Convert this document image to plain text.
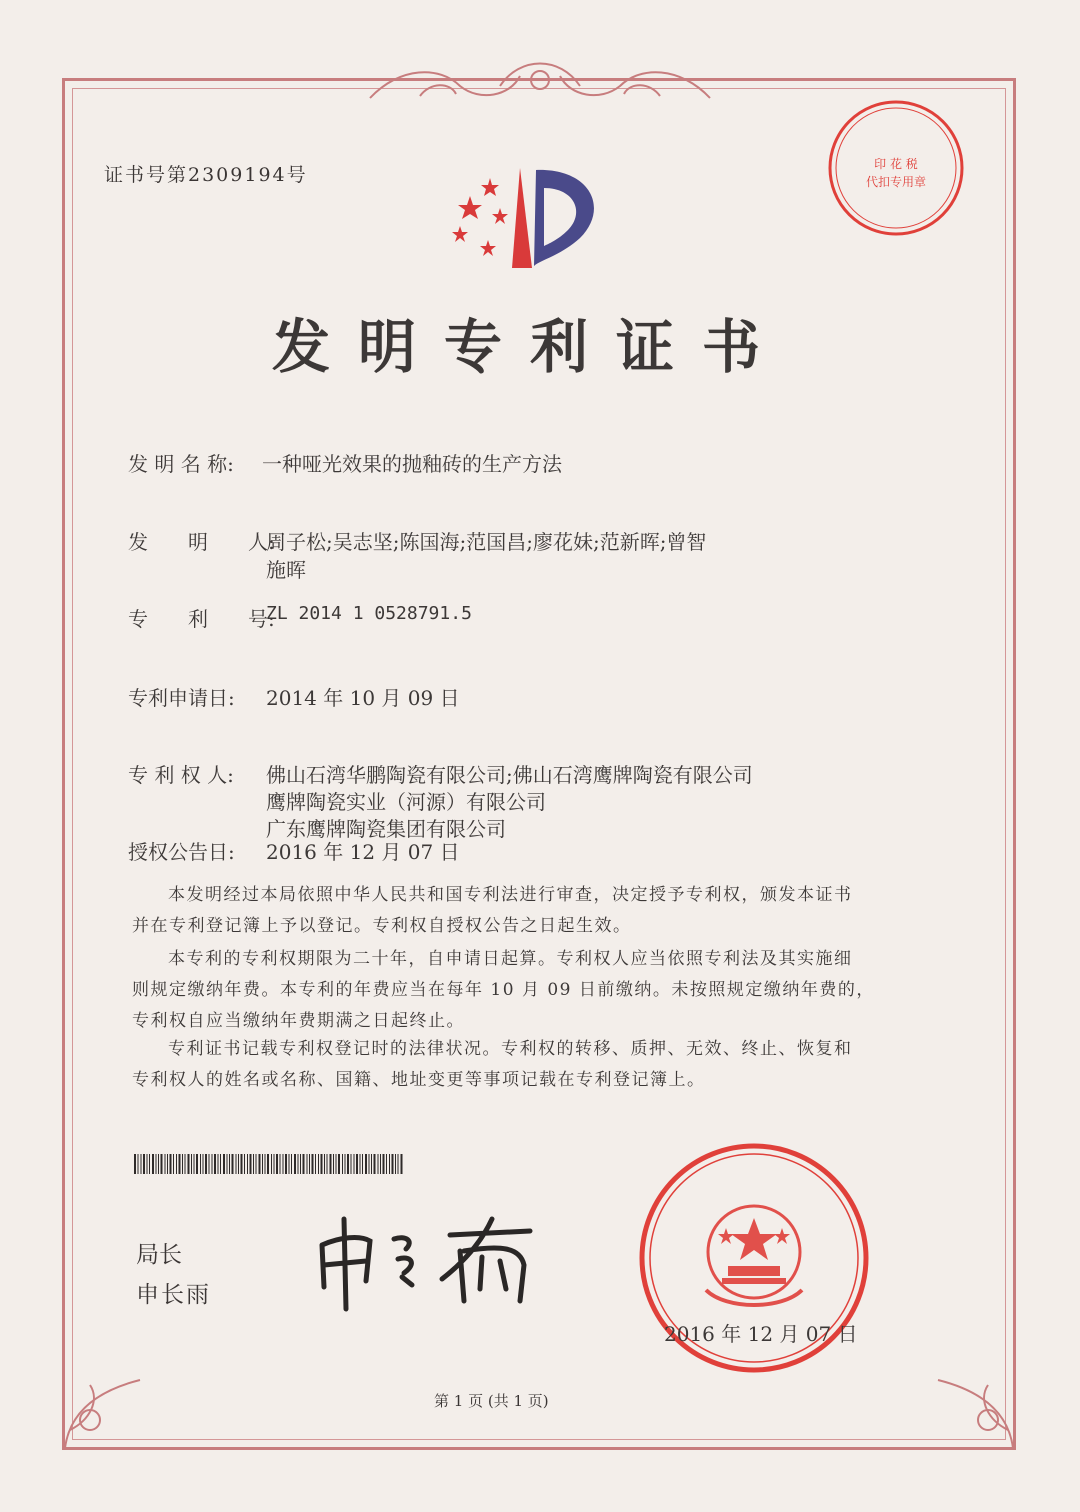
证书号第2309194号	印 花 税
代扣专用章
发明专利证书
发 明 名 称: 一种哑光效果的抛釉砖的生产方法
发　　明　　人:
周子松;吴志坚;陈国海;范国昌;廖花妹;范新晖;曾智
施晖
专　　利　　号:
ZL 2014 1 0528791.5
专利申请日: 2014 年 10 月 09 日
专 利 权 人: 佛山石湾华鹏陶瓷有限公司;佛山石湾鹰牌陶瓷有限公司
鹰牌陶瓷实业（河源）有限公司
广东鹰牌陶瓷集团有限公司
授权公告日: 2016 年 12 月 07 日
本发明经过本局依照中华人民共和国专利法进行审查，决定授予专利权，颁发本证书
并在专利登记簿上予以登记。专利权自授权公告之日起生效。
本专利的专利权期限为二十年，自申请日起算。专利权人应当依照专利法及其实施细
则规定缴纳年费。本专利的年费应当在每年 10 月 09 日前缴纳。未按照规定缴纳年费的，
专利权自应当缴纳年费期满之日起终止。
专利证书记载专利权登记时的法律状况。专利权的转移、质押、无效、终止、恢复和
专利权人的姓名或名称、国籍、地址变更等事项记载在专利登记簿上。
局长
申长雨
2016 年 12 月 07 日
第 1 页 (共 1 页)
